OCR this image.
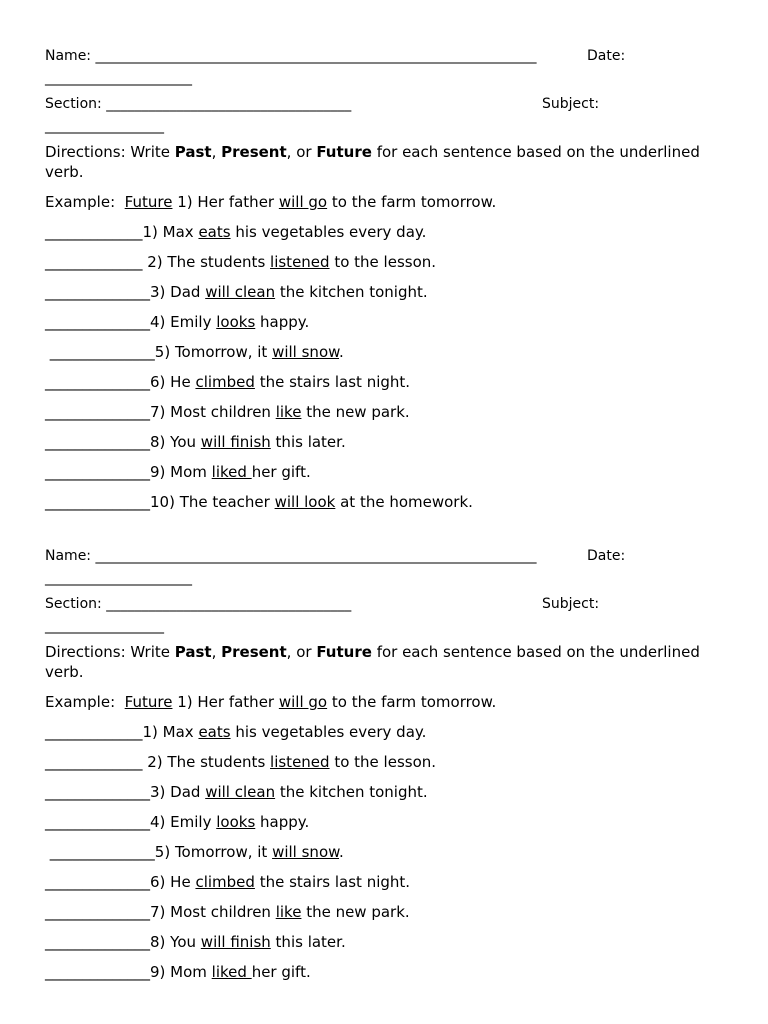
Name: _______________________________________________________________	Date:
_____________________
Section: ___________________________________	Subject:
_________________
Directions: Write Past, Present, or Future for each sentence based on the underlined verb.
Example:  Future 1) Her father will go to the farm tomorrow.
_____________1) Max eats his vegetables every day.
_____________ 2) The students listened to the lesson.
______________3) Dad will clean the kitchen tonight.
______________4) Emily looks happy.
______________5) Tomorrow, it will snow.
______________6) He climbed the stairs last night.
______________7) Most children like the new park.
______________8) You will finish this later.
______________9) Mom liked her gift.
______________10) The teacher will look at the homework.
Name: _______________________________________________________________	Date:
_____________________
Section: ___________________________________	Subject:
_________________
Directions: Write Past, Present, or Future for each sentence based on the underlined verb.
Example:  Future 1) Her father will go to the farm tomorrow.
_____________1) Max eats his vegetables every day.
_____________ 2) The students listened to the lesson.
______________3) Dad will clean the kitchen tonight.
______________4) Emily looks happy.
______________5) Tomorrow, it will snow.
______________6) He climbed the stairs last night.
______________7) Most children like the new park.
______________8) You will finish this later.
______________9) Mom liked her gift.
